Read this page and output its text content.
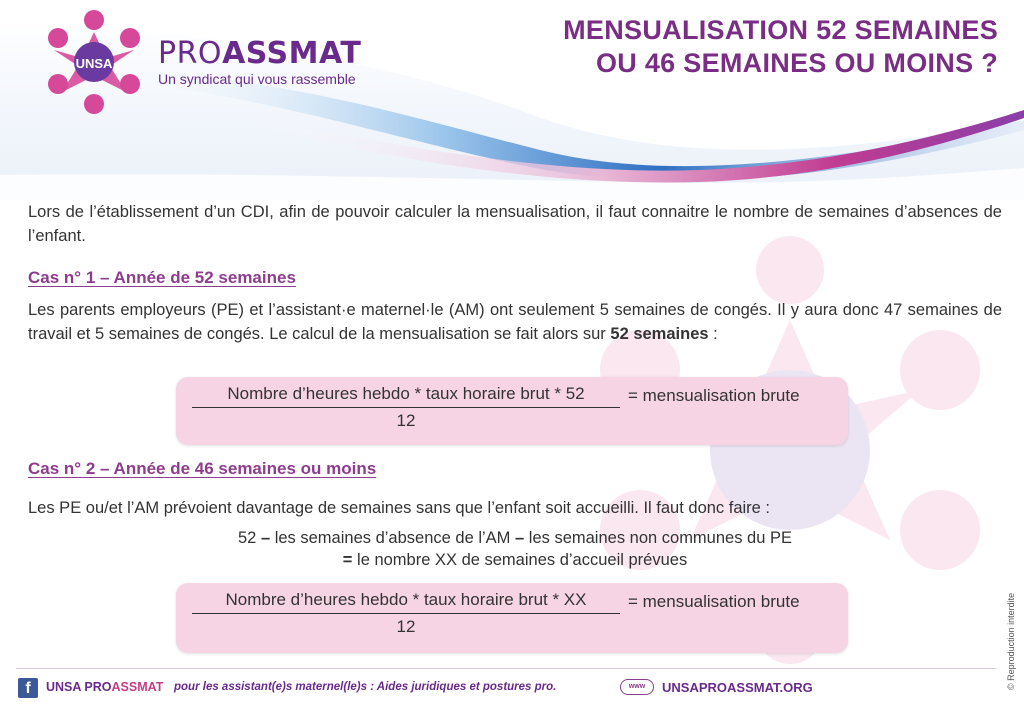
UNSA PROASSMAT
Un syndicat qui vous rassemble
MENSUALISATION 52 SEMAINES
OU 46 SEMAINES OU MOINS ?

Lors de l’établissement d’un CDI, afin de pouvoir calculer la mensualisation, il faut connaitre le nombre de semaines d’absences de l’enfant.

Cas n° 1 – Année de 52 semaines

Les parents employeurs (PE) et l’assistant·e maternel·le (AM) ont seulement 5 semaines de congés. Il y aura donc 47 semaines de travail et 5 semaines de congés. Le calcul de la mensualisation se fait alors sur 52 semaines :

Nombre d’heures hebdo * taux horaire brut * 52
12
= mensualisation brute
Cas n° 2 – Année de 46 semaines ou moins

Les PE ou/et l’AM prévoient davantage de semaines sans que l’enfant soit accueilli. Il faut donc faire :

52 – les semaines d’absence de l’AM – les semaines non communes du PE
= le nombre XX de semaines d’accueil prévues
Nombre d’heures hebdo * taux horaire brut * XX
12
= mensualisation brute	© Reproduction interdite
f	UNSA PROASSMAT pour les assistant(e)s maternel(le)s : Aides juridiques et postures pro.	www	UNSAPROASSMAT.ORG
